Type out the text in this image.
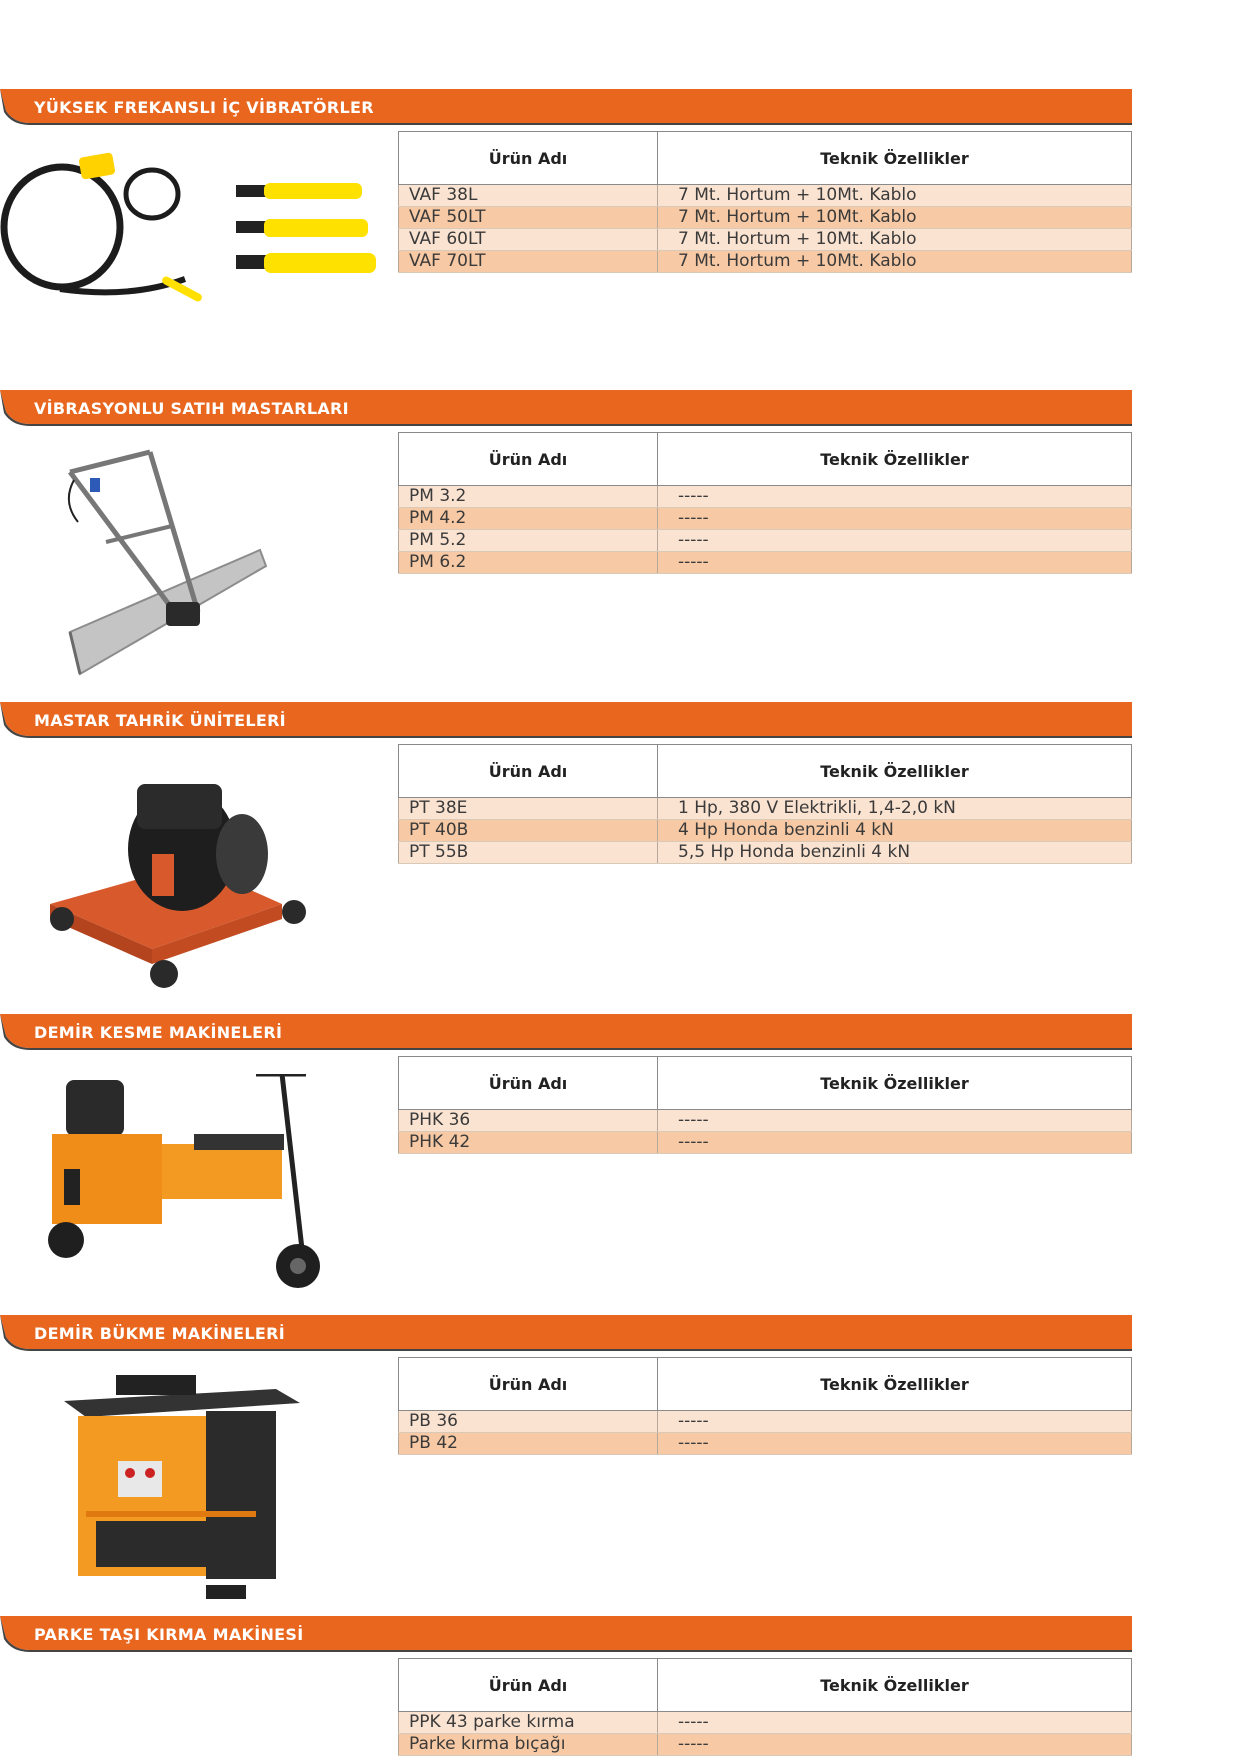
YÜKSEK FREKANSLI İÇ VİBRATÖRLER
Ürün Adı	Teknik Özellikler
VAF 38L	7 Mt. Hortum + 10Mt. Kablo
VAF 50LT	7 Mt. Hortum + 10Mt. Kablo
VAF 60LT	7 Mt. Hortum + 10Mt. Kablo
VAF 70LT	7 Mt. Hortum + 10Mt. Kablo
VİBRASYONLU SATIH MASTARLARI
Ürün Adı	Teknik Özellikler
PM 3.2	-----
PM 4.2	-----
PM 5.2	-----
PM 6.2	-----
MASTAR TAHRİK ÜNİTELERİ
Ürün Adı	Teknik Özellikler
PT 38E	1 Hp, 380 V Elektrikli, 1,4-2,0 kN
PT 40B	4 Hp Honda benzinli 4 kN
PT 55B	5,5 Hp Honda benzinli 4 kN
DEMİR KESME MAKİNELERİ
Ürün Adı	Teknik Özellikler
PHK 36	-----
PHK 42	-----
DEMİR BÜKME MAKİNELERİ
Ürün Adı	Teknik Özellikler
PB 36	-----
PB 42	-----
PARKE TAŞI KIRMA MAKİNESİ
Ürün Adı	Teknik Özellikler
PPK 43 parke kırma	-----
Parke kırma bıçağı	-----
